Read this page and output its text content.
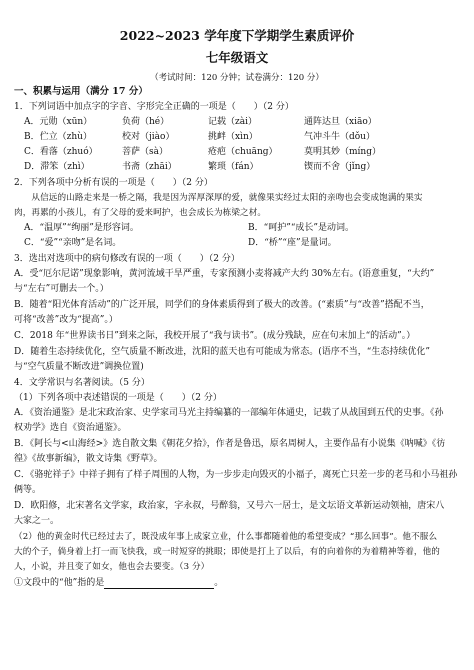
2022~2023 学年度下学期学生素质评价
七年级语文
（考试时间：120 分钟；试卷满分：120 分）
一、积累与运用（满分 17 分）
1．下列词语中加点字的字音、字形完全正确的一项是（　　）（2 分）
A．元勋（xūn）	负荷（hé）	记载（zài）	通阵达旦（xiāo）
B．伫立（zhù）	校对（jiào）	挑衅（xìn）	气冲斗牛（dǒu）
C．看落（zhuó）	菩萨（sà）	疮疤（chuāng）	莫明其妙（míng）
D．滞笨（zhì）	书斋（zhāi）	繁琐（fán）	锲而不舍（jǐng）
2．下列各项中分析有误的一项是（　　）（2 分）
　　从信远的山路走来是一桥之隔，我是因为浑厚深厚的爱，就像果实经过太阳的亲吻也会变成饱满的果实
肉，再累的小孩儿，有了父母的爱来呵护，也会成长为栋梁之材。
A．“温厚”“绚丽”是形容词。	B．“呵护”“成长”是动词。
C．“爱”“亲吻”是名词。	D．“桥”“座”是量词。
3．选出对选项中的病句修改有误的一项（　　）（2 分）
A．受“厄尔尼诺”现象影响，黄河流域干旱严重，专家预测小麦将减产大约 30%左右。(语意重复，“大约”
与“左右”可删去一个。）
B．随着“阳光体育活动”的广泛开展，同学们的身体素质得到了极大的改善。(“素质”与“改善”搭配不当，
可将“改善”改为“提高”。）
C．2018 年“世界读书日”到来之际，我校开展了“我与读书”。(成分残缺，应在句末加上“的活动”。）
D．随着生态持续优化，空气质量不断改进，沈阳的蓝天也有可能成为常态。(语序不当，“生态持续优化”
与“空气质量不断改进”调换位置)
4．文学常识与名著阅读。（5 分）
（1）下列各项中表述错误的一项是（　　）（2 分）
A．《资治通鉴》是北宋政治家、史学家司马光主持编纂的一部编年体通史，记载了从战国到五代的史事。《孙
权劝学》选自《资治通鉴》。
B．《阿长与<山海经>》选自散文集《朝花夕拾》，作者是鲁迅，原名周树人，主要作品有小说集《呐喊》《彷
徨》《故事新编》，散文诗集《野草》。
C．《骆驼祥子》中祥子拥有了样子周围的人物，为一步步走向毁灭的小福子，离死亡只差一步的老马和小马祖孙
俩等。
D．欧阳修，北宋著名文学家，政治家，字永叔，号醉翁，又号六一居士，是文坛语文革新运动领袖，唐宋八
大家之一。
（2）他的黄金时代已经过去了，既没成年事上成家立业，什么事都随着他的希望变成？“那么回事”。他不服么
大的个子，倘身着上打一而飞快我，或一时短穿的挑眼；即使是打上了以后，有的向着你的为着精神等着，他的
人，小说，并且变了如女，他也会去要变。（3 分）
①文段中的“他”指的是	。
